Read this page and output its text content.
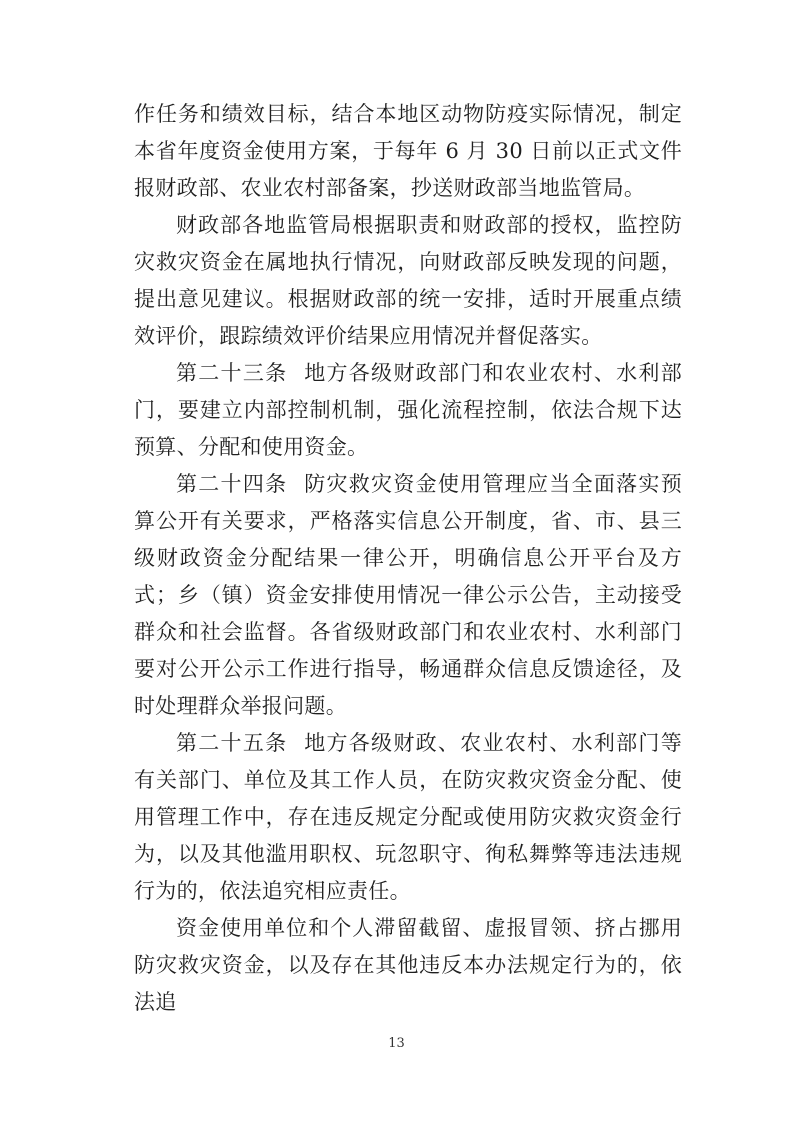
作任务和绩效目标，结合本地区动物防疫实际情况，制定本省年度资金使用方案，于每年 6 月 30 日前以正式文件报财政部、农业农村部备案，抄送财政部当地监管局。

财政部各地监管局根据职责和财政部的授权，监控防灾救灾资金在属地执行情况，向财政部反映发现的问题，提出意见建议。根据财政部的统一安排，适时开展重点绩效评价，跟踪绩效评价结果应用情况并督促落实。

第二十三条 地方各级财政部门和农业农村、水利部门，要建立内部控制机制，强化流程控制，依法合规下达预算、分配和使用资金。

第二十四条 防灾救灾资金使用管理应当全面落实预算公开有关要求，严格落实信息公开制度，省、市、县三级财政资金分配结果一律公开，明确信息公开平台及方式；乡（镇）资金安排使用情况一律公示公告，主动接受群众和社会监督。各省级财政部门和农业农村、水利部门要对公开公示工作进行指导，畅通群众信息反馈途径，及时处理群众举报问题。

第二十五条 地方各级财政、农业农村、水利部门等有关部门、单位及其工作人员，在防灾救灾资金分配、使用管理工作中，存在违反规定分配或使用防灾救灾资金行为，以及其他滥用职权、玩忽职守、徇私舞弊等违法违规行为的，依法追究相应责任。

资金使用单位和个人滞留截留、虚报冒领、挤占挪用防灾救灾资金，以及存在其他违反本办法规定行为的，依法追

13
